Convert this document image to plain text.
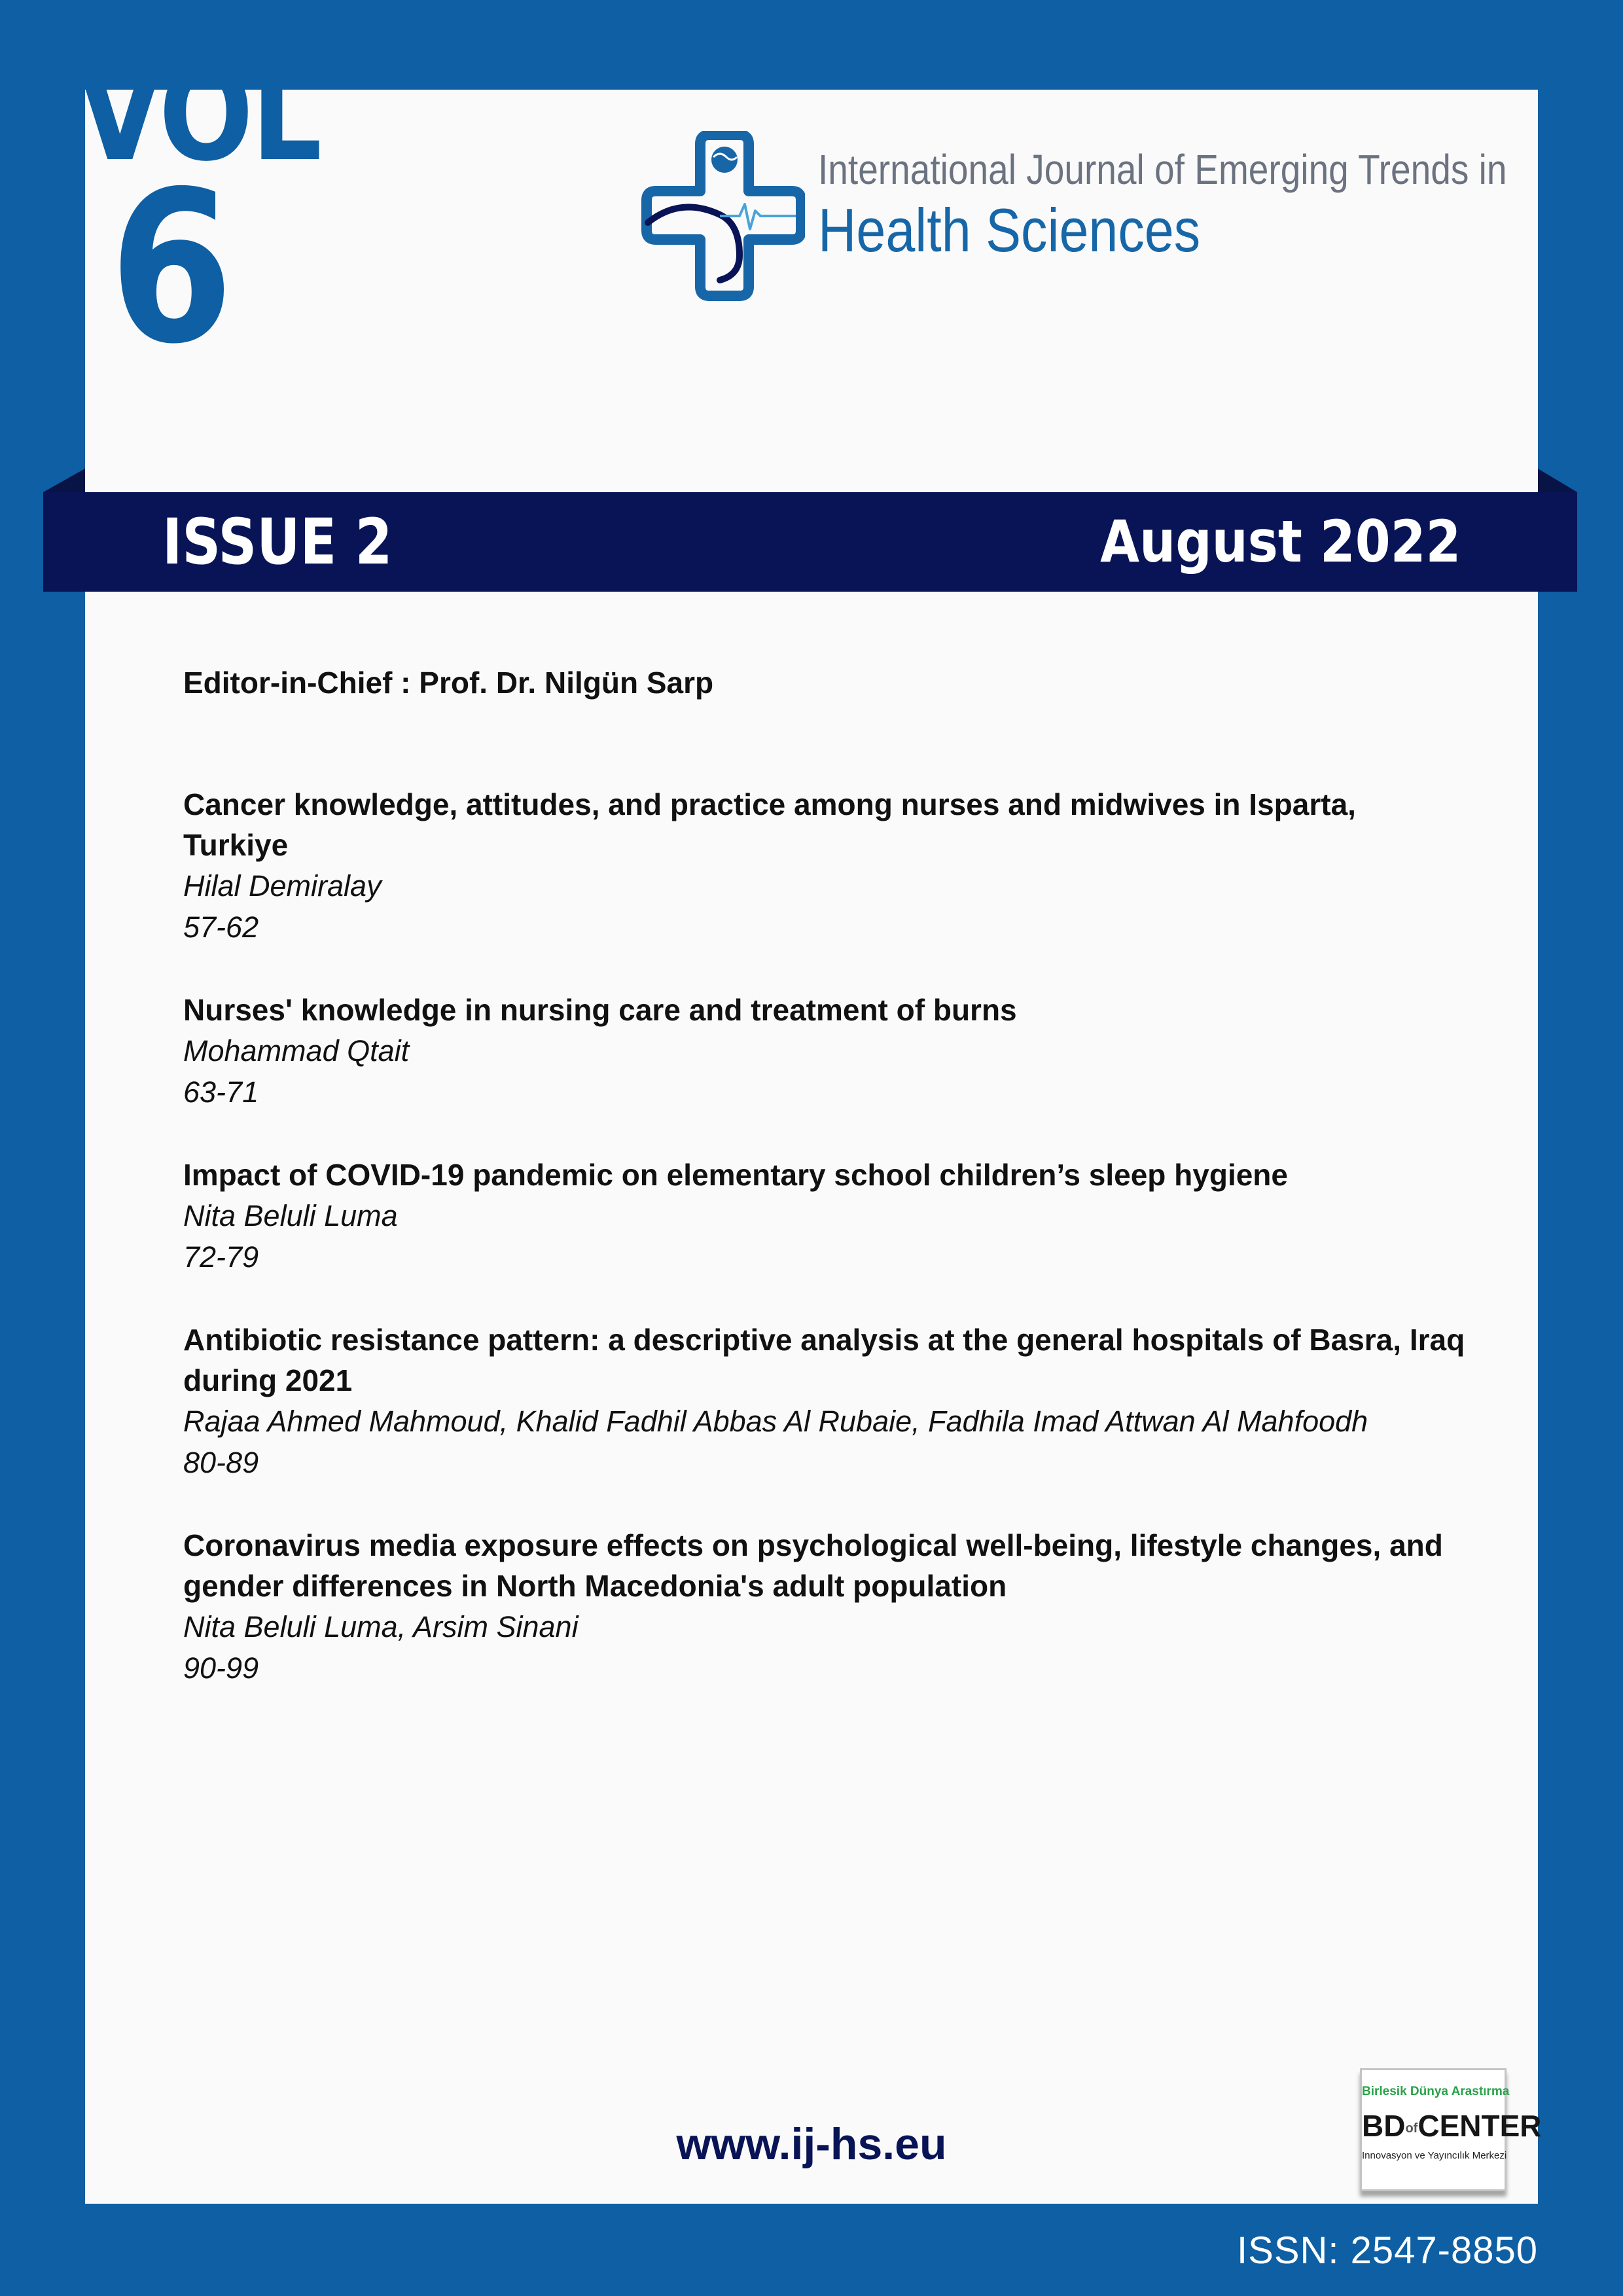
VOL
6	International Journal of Emerging Trends in
Health Sciences
ISSUE 2	August 2022
Editor-in-Chief : Prof. Dr. Nilgün Sarp
Cancer knowledge, attitudes, and practice among nurses and midwives in Isparta, Turkiye
Hilal Demiralay
57-62
Nurses' knowledge in nursing care and treatment of burns
Mohammad Qtait
63-71
Impact of COVID-19 pandemic on elementary school children’s sleep hygiene
Nita Beluli Luma
72-79
Antibiotic resistance pattern: a descriptive analysis at the general hospitals of Basra, Iraq during 2021
Rajaa Ahmed Mahmoud, Khalid Fadhil Abbas Al Rubaie, Fadhila Imad Attwan Al Mahfoodh
80-89
Coronavirus media exposure effects on psychological well-being, lifestyle changes, and gender differences in North Macedonia's adult population
Nita Beluli Luma, Arsim Sinani
90-99
www.ij-hs.eu
Birlesik Dünya Arastırma
BDofCENTER
Innovasyon ve Yayıncılık Merkezi
ISSN: 2547-8850
